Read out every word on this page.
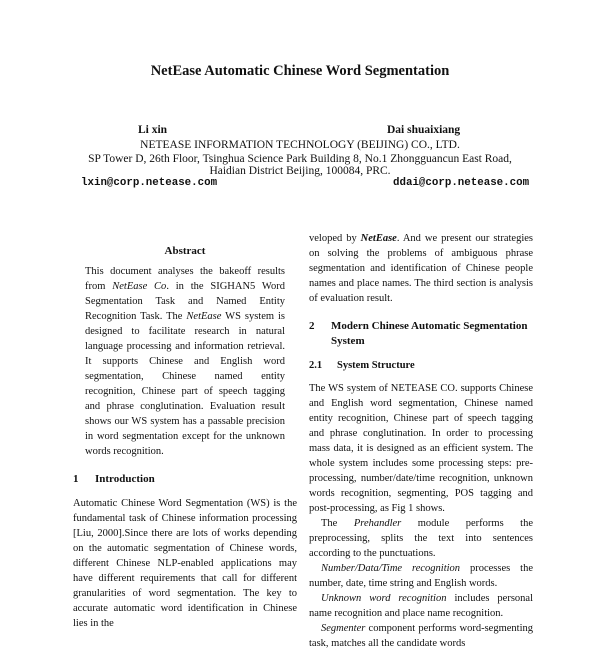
NetEase Automatic Chinese Word Segmentation
Li xin	Dai shuaixiang
NETEASE INFORMATION TECHNOLOGY (BEIJING) CO., LTD.
SP Tower D, 26th Floor, Tsinghua Science Park Building 8, No.1 Zhongguancun East Road,
Haidian District Beijing, 100084, PRC.
lxin@corp.netease.com	ddai@corp.netease.com
Abstract

This document analyses the bakeoff results from NetEase Co. in the SIGHAN5 Word Segmentation Task and Named Entity Recognition Task. The NetEase WS system is designed to facilitate research in natural language processing and information retrieval. It supports Chinese and English word segmentation, Chinese named entity recognition, Chinese part of speech tagging and phrase conglutination. Evaluation result shows our WS system has a passable precision in word segmentation except for the unknown words recognition.

1	Introduction

Automatic Chinese Word Segmentation (WS) is the fundamental task of Chinese information processing [Liu, 2000].Since there are lots of works depending on the automatic segmentation of Chinese words, different Chinese NLP-enabled applications may have different requirements that call for different granularities of word segmentation. The key to accurate automatic word identification in Chinese lies in the

veloped by NetEase. And we present our strategies on solving the problems of ambiguous phrase segmentation and identification of Chinese people names and place names. The third section is analysis of evaluation result.

2	Modern Chinese Automatic Segmentation System
2.1	System Structure

The WS system of NETEASE CO. supports Chinese and English word segmentation, Chinese named entity recognition, Chinese part of speech tagging and phrase conglutination. In order to processing mass data, it is designed as an efficient system. The whole system includes some processing steps: pre-processing, number/date/time recognition, unknown words recognition, segmenting, POS tagging and post-processing, as Fig 1 shows.

The Prehandler module performs the preprocessing, splits the text into sentences according to the punctuations.

Number/Data/Time recognition processes the number, date, time string and English words.

Unknown word recognition includes personal name recognition and place name recognition.

Segmenter component performs word-segmenting task, matches all the candidate words
